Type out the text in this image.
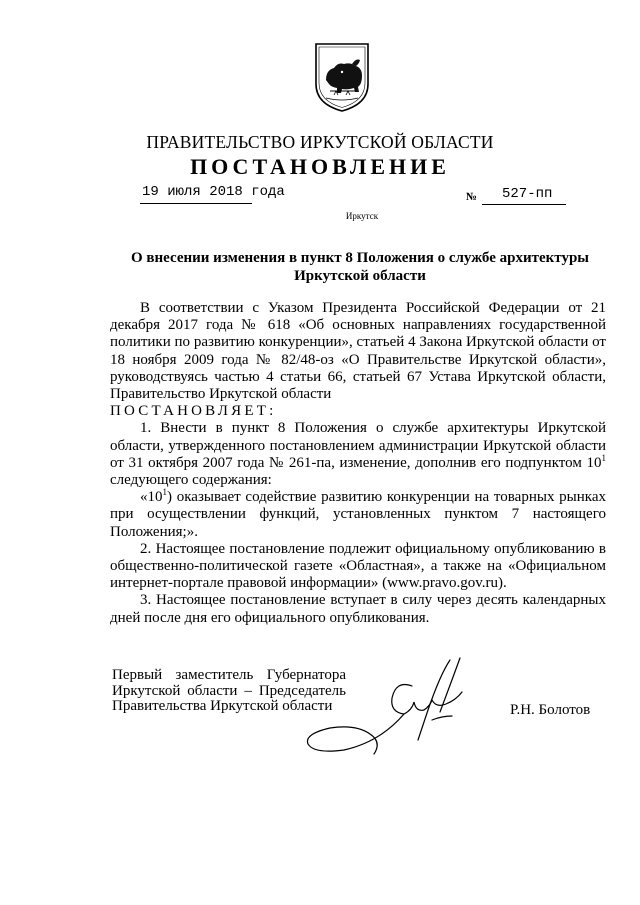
ПРАВИТЕЛЬСТВО ИРКУТСКОЙ ОБЛАСТИ
ПОСТАНОВЛЕНИЕ
19 июля 2018 года	№ 527-пп
Иркутск
О внесении изменения в пункт 8 Положения о службе архитектуры
Иркутской области

В соответствии с Указом Президента Российской Федерации от 21 декабря 2017 года № 618 «Об основных направлениях государственной политики по развитию конкуренции», статьей 4 Закона Иркутской области от 18 ноября 2009 года № 82/48-оз «О Правительстве Иркутской области», руководствуясь частью 4 статьи 66, статьей 67 Устава Иркутской области, Правительство Иркутской области

ПОСТАНОВЛЯЕТ:

1. Внести в пункт 8 Положения о службе архитектуры Иркутской области, утвержденного постановлением администрации Иркутской области от 31 октября 2007 года № 261-па, изменение, дополнив его подпунктом $10^1$ следующего содержания:

«$10^1$) оказывает содействие развитию конкуренции на товарных рынках при осуществлении функций, установленных пунктом 7 настоящего Положения;».

2. Настоящее постановление подлежит официальному опубликованию в общественно-политической газете «Областная», а также на «Официальном интернет-портале правовой информации» (www.pravo.gov.ru).

3. Настоящее постановление вступает в силу через десять календарных дней после дня его официального опубликования.

Первый заместитель Губернатора
Иркутской области – Председатель
Правительства Иркутской области	Р.Н. Болотов
